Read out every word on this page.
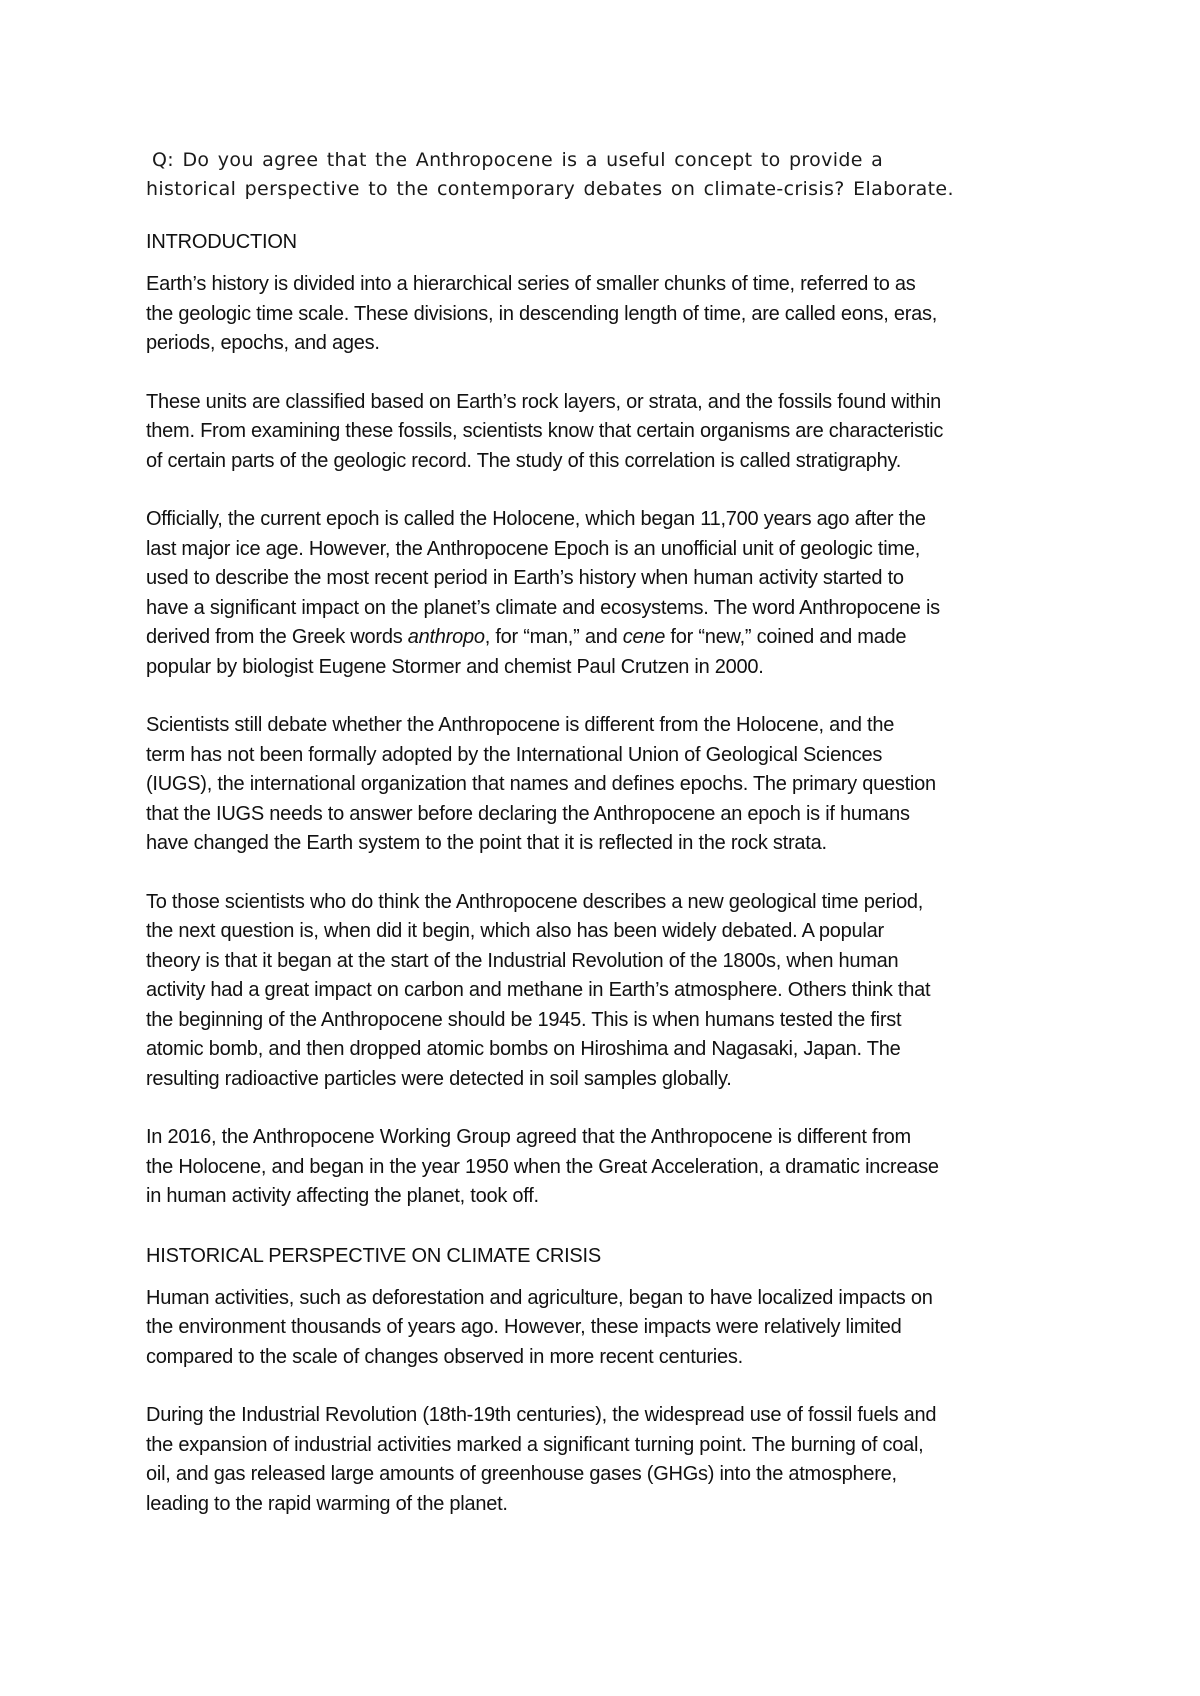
Q: Do you agree that the Anthropocene is a useful concept to provide a
historical perspective to the contemporary debates on climate-crisis? Elaborate.

INTRODUCTION

Earth’s history is divided into a hierarchical series of smaller chunks of time, referred to as
the geologic time scale. These divisions, in descending length of time, are called eons, eras,
periods, epochs, and ages.

These units are classified based on Earth’s rock layers, or strata, and the fossils found within
them. From examining these fossils, scientists know that certain organisms are characteristic
of certain parts of the geologic record. The study of this correlation is called stratigraphy.

Officially, the current epoch is called the Holocene, which began 11,700 years ago after the
last major ice age. However, the Anthropocene Epoch is an unofficial unit of geologic time,
used to describe the most recent period in Earth’s history when human activity started to
have a significant impact on the planet’s climate and ecosystems. The word Anthropocene is
derived from the Greek words anthropo, for “man,” and cene for “new,” coined and made
popular by biologist Eugene Stormer and chemist Paul Crutzen in 2000.

Scientists still debate whether the Anthropocene is different from the Holocene, and the
term has not been formally adopted by the International Union of Geological Sciences
(IUGS), the international organization that names and defines epochs. The primary question
that the IUGS needs to answer before declaring the Anthropocene an epoch is if humans
have changed the Earth system to the point that it is reflected in the rock strata.

To those scientists who do think the Anthropocene describes a new geological time period,
the next question is, when did it begin, which also has been widely debated. A popular
theory is that it began at the start of the Industrial Revolution of the 1800s, when human
activity had a great impact on carbon and methane in Earth’s atmosphere. Others think that
the beginning of the Anthropocene should be 1945. This is when humans tested the first
atomic bomb, and then dropped atomic bombs on Hiroshima and Nagasaki, Japan. The
resulting radioactive particles were detected in soil samples globally.

In 2016, the Anthropocene Working Group agreed that the Anthropocene is different from
the Holocene, and began in the year 1950 when the Great Acceleration, a dramatic increase
in human activity affecting the planet, took off.

HISTORICAL PERSPECTIVE ON CLIMATE CRISIS

Human activities, such as deforestation and agriculture, began to have localized impacts on
the environment thousands of years ago. However, these impacts were relatively limited
compared to the scale of changes observed in more recent centuries.

During the Industrial Revolution (18th-19th centuries), the widespread use of fossil fuels and
the expansion of industrial activities marked a significant turning point. The burning of coal,
oil, and gas released large amounts of greenhouse gases (GHGs) into the atmosphere,
leading to the rapid warming of the planet.
